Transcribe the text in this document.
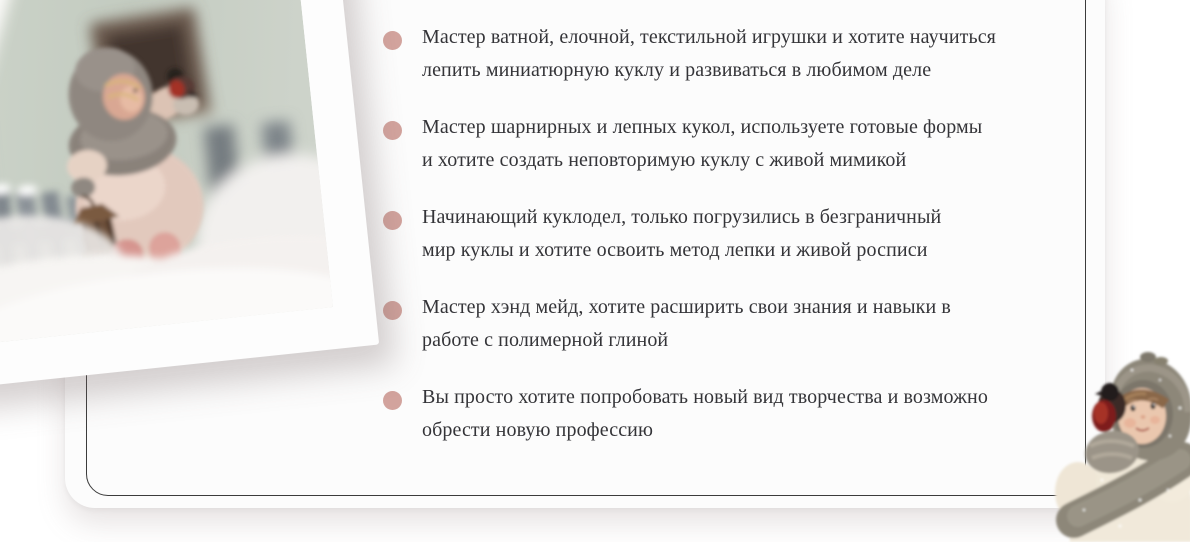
Мастер ватной, елочной, текстильной игрушки и хотите научиться
лепить миниатюрную куклу и развиваться в любимом деле

Мастер шарнирных и лепных кукол, используете готовые формы
и хотите создать неповторимую куклу с живой мимикой

Начинающий куклодел, только погрузились в безграничный
мир куклы и хотите освоить метод лепки и живой росписи

Мастер хэнд мейд, хотите расширить свои знания и навыки в
работе с полимерной глиной

Вы просто хотите попробовать новый вид творчества и возможно
обрести новую профессию
